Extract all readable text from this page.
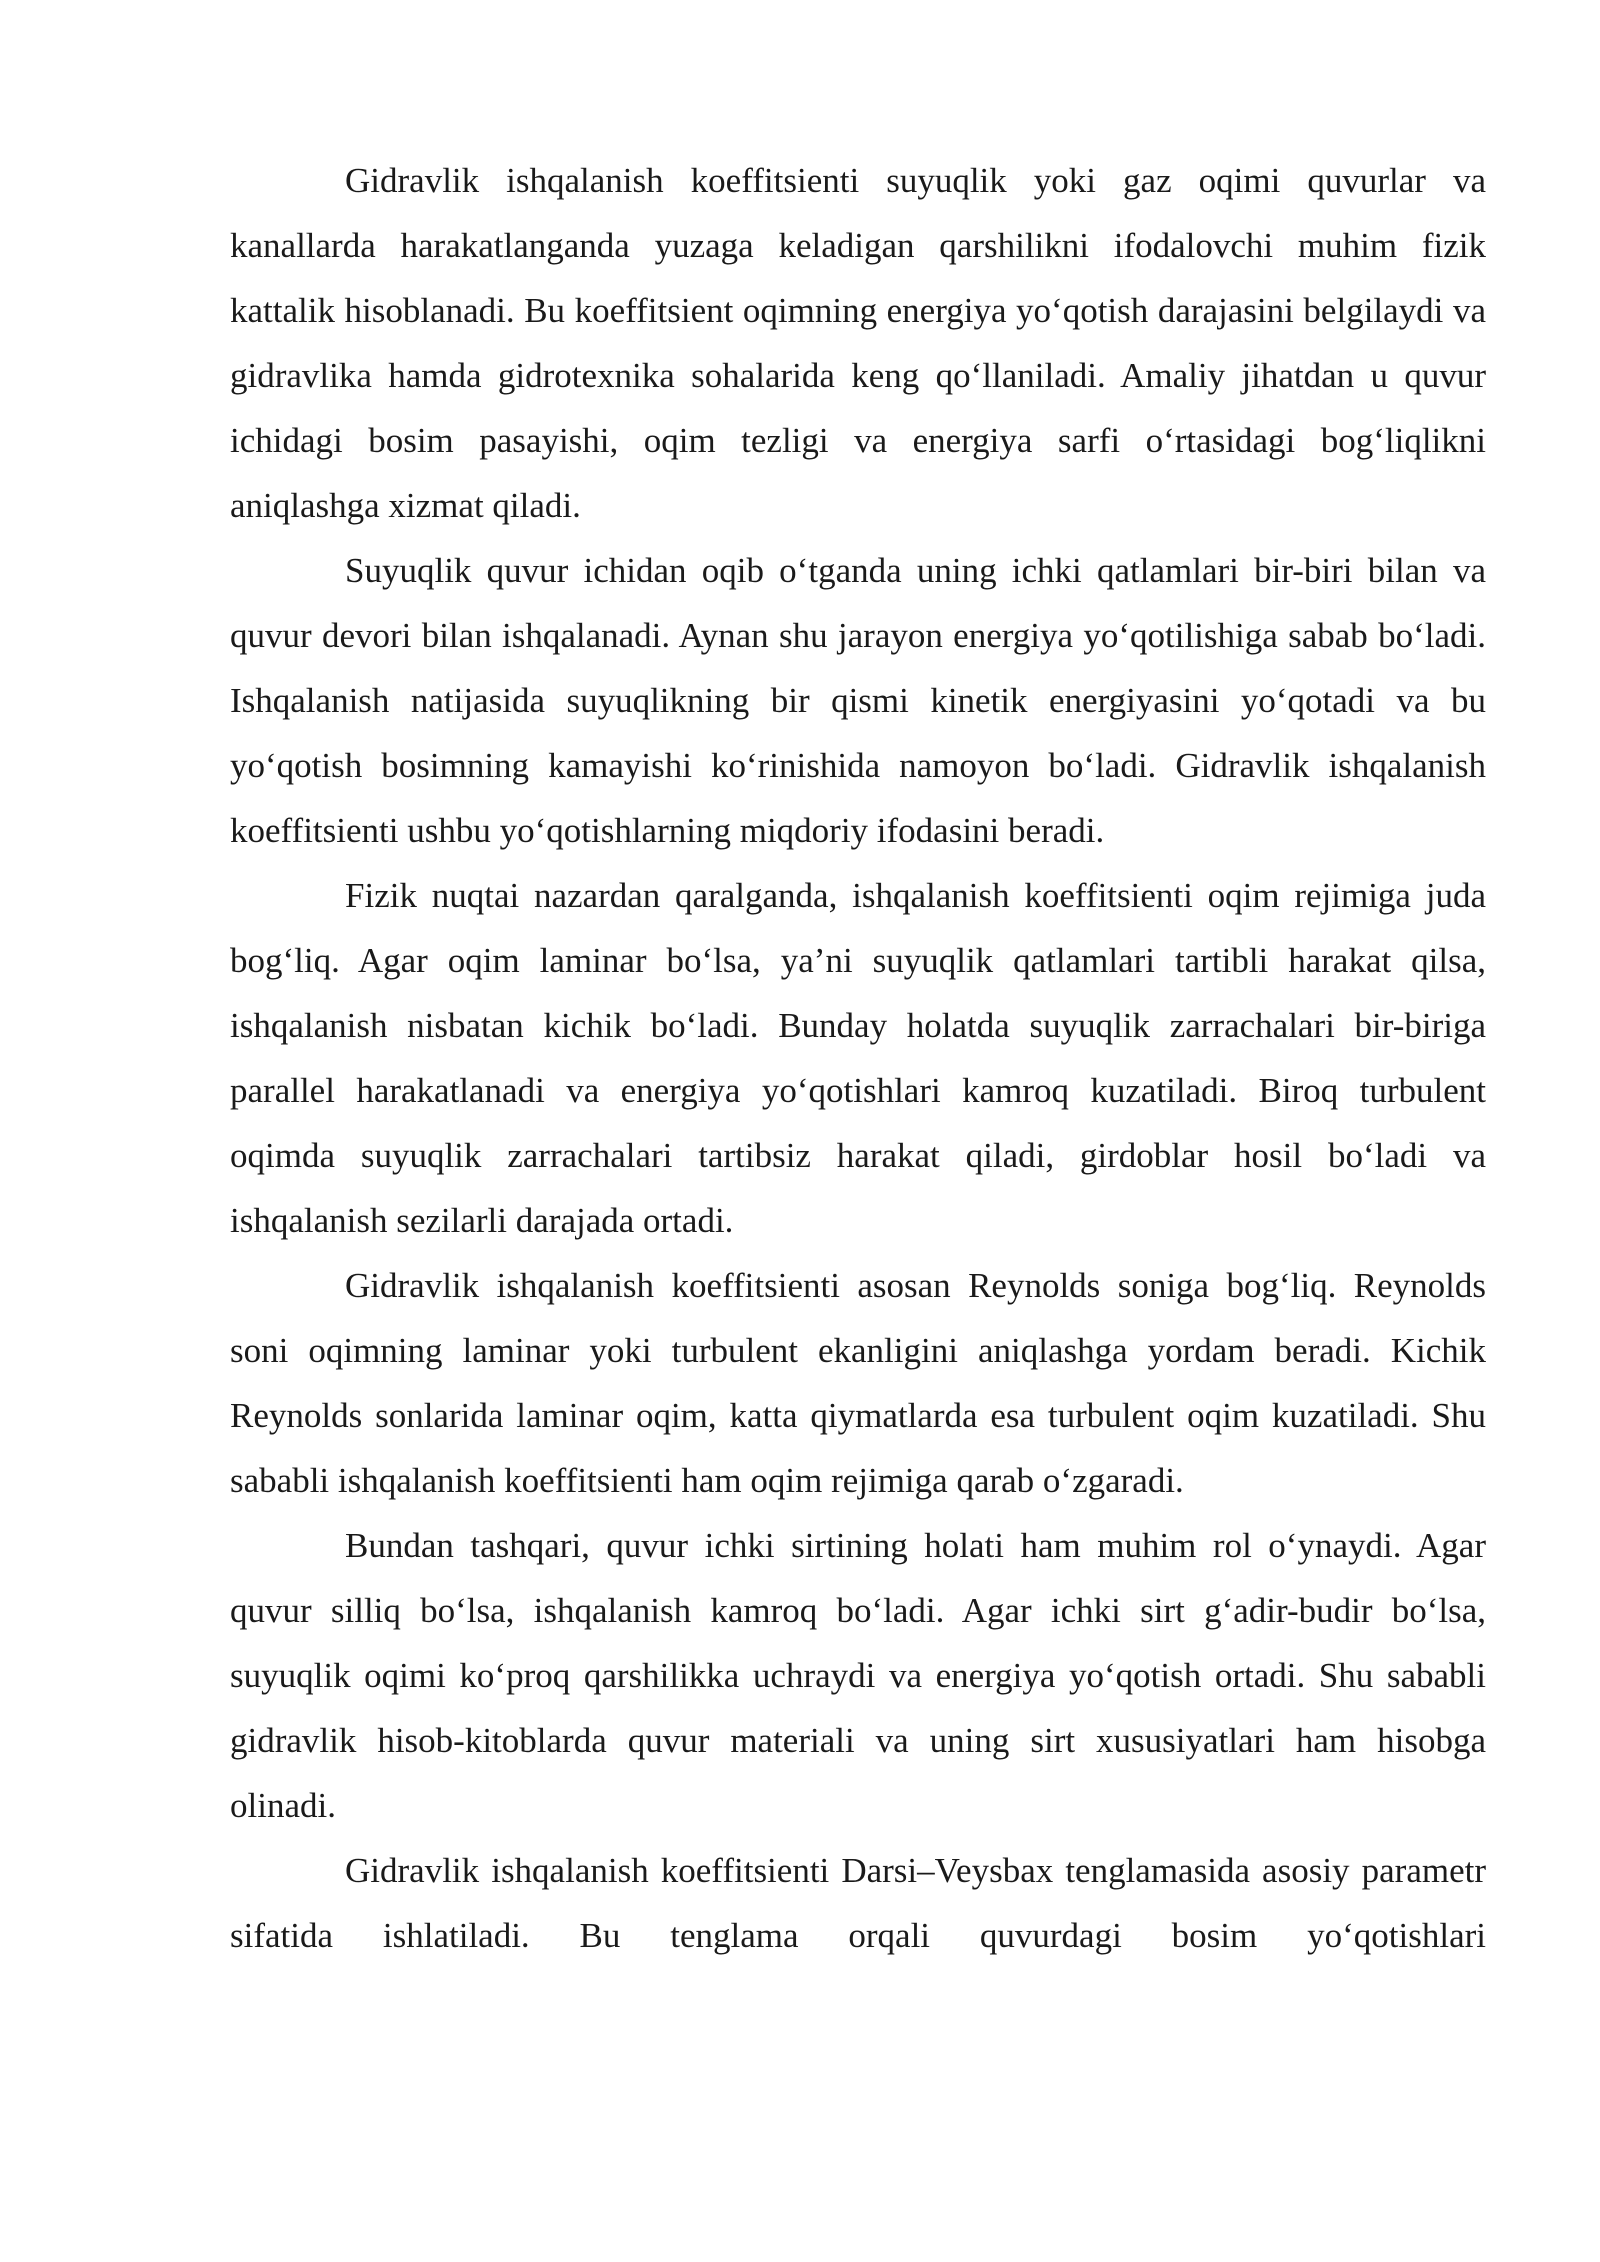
Gidravlik ishqalanish koeffitsienti suyuqlik yoki gaz oqimi quvurlar va kanallarda harakatlanganda yuzaga keladigan qarshilikni ifodalovchi muhim fizik kattalik hisoblanadi. Bu koeffitsient oqimning energiya yo‘qotish darajasini belgilaydi va gidravlika hamda gidrotexnika sohalarida keng qo‘llaniladi. Amaliy jihatdan u quvur ichidagi bosim pasayishi, oqim tezligi va energiya sarfi o‘rtasidagi bog‘liqlikni aniqlashga xizmat qiladi.

Suyuqlik quvur ichidan oqib o‘tganda uning ichki qatlamlari bir-biri bilan va quvur devori bilan ishqalanadi. Aynan shu jarayon energiya yo‘qotilishiga sabab bo‘ladi. Ishqalanish natijasida suyuqlikning bir qismi kinetik energiyasini yo‘qotadi va bu yo‘qotish bosimning kamayishi ko‘rinishida namoyon bo‘ladi. Gidravlik ishqalanish koeffitsienti ushbu yo‘qotishlarning miqdoriy ifodasini beradi.

Fizik nuqtai nazardan qaralganda, ishqalanish koeffitsienti oqim rejimiga juda bog‘liq. Agar oqim laminar bo‘lsa, ya’ni suyuqlik qatlamlari tartibli harakat qilsa, ishqalanish nisbatan kichik bo‘ladi. Bunday holatda suyuqlik zarrachalari bir-biriga parallel harakatlanadi va energiya yo‘qotishlari kamroq kuzatiladi. Biroq turbulent oqimda suyuqlik zarrachalari tartibsiz harakat qiladi, girdoblar hosil bo‘ladi va ishqalanish sezilarli darajada ortadi.

Gidravlik ishqalanish koeffitsienti asosan Reynolds soniga bog‘liq. Reynolds soni oqimning laminar yoki turbulent ekanligini aniqlashga yordam beradi. Kichik Reynolds sonlarida laminar oqim, katta qiymatlarda esa turbulent oqim kuzatiladi. Shu sababli ishqalanish koeffitsienti ham oqim rejimiga qarab o‘zgaradi.

Bundan tashqari, quvur ichki sirtining holati ham muhim rol o‘ynaydi. Agar quvur silliq bo‘lsa, ishqalanish kamroq bo‘ladi. Agar ichki sirt g‘adir-budir bo‘lsa, suyuqlik oqimi ko‘proq qarshilikka uchraydi va energiya yo‘qotish ortadi. Shu sababli gidravlik hisob-kitoblarda quvur materiali va uning sirt xususiyatlari ham hisobga olinadi.

Gidravlik ishqalanish koeffitsienti Darsi–Veysbax tenglamasida asosiy parametr sifatida ishlatiladi. Bu tenglama orqali quvurdagi bosim yo‘qotishlari
